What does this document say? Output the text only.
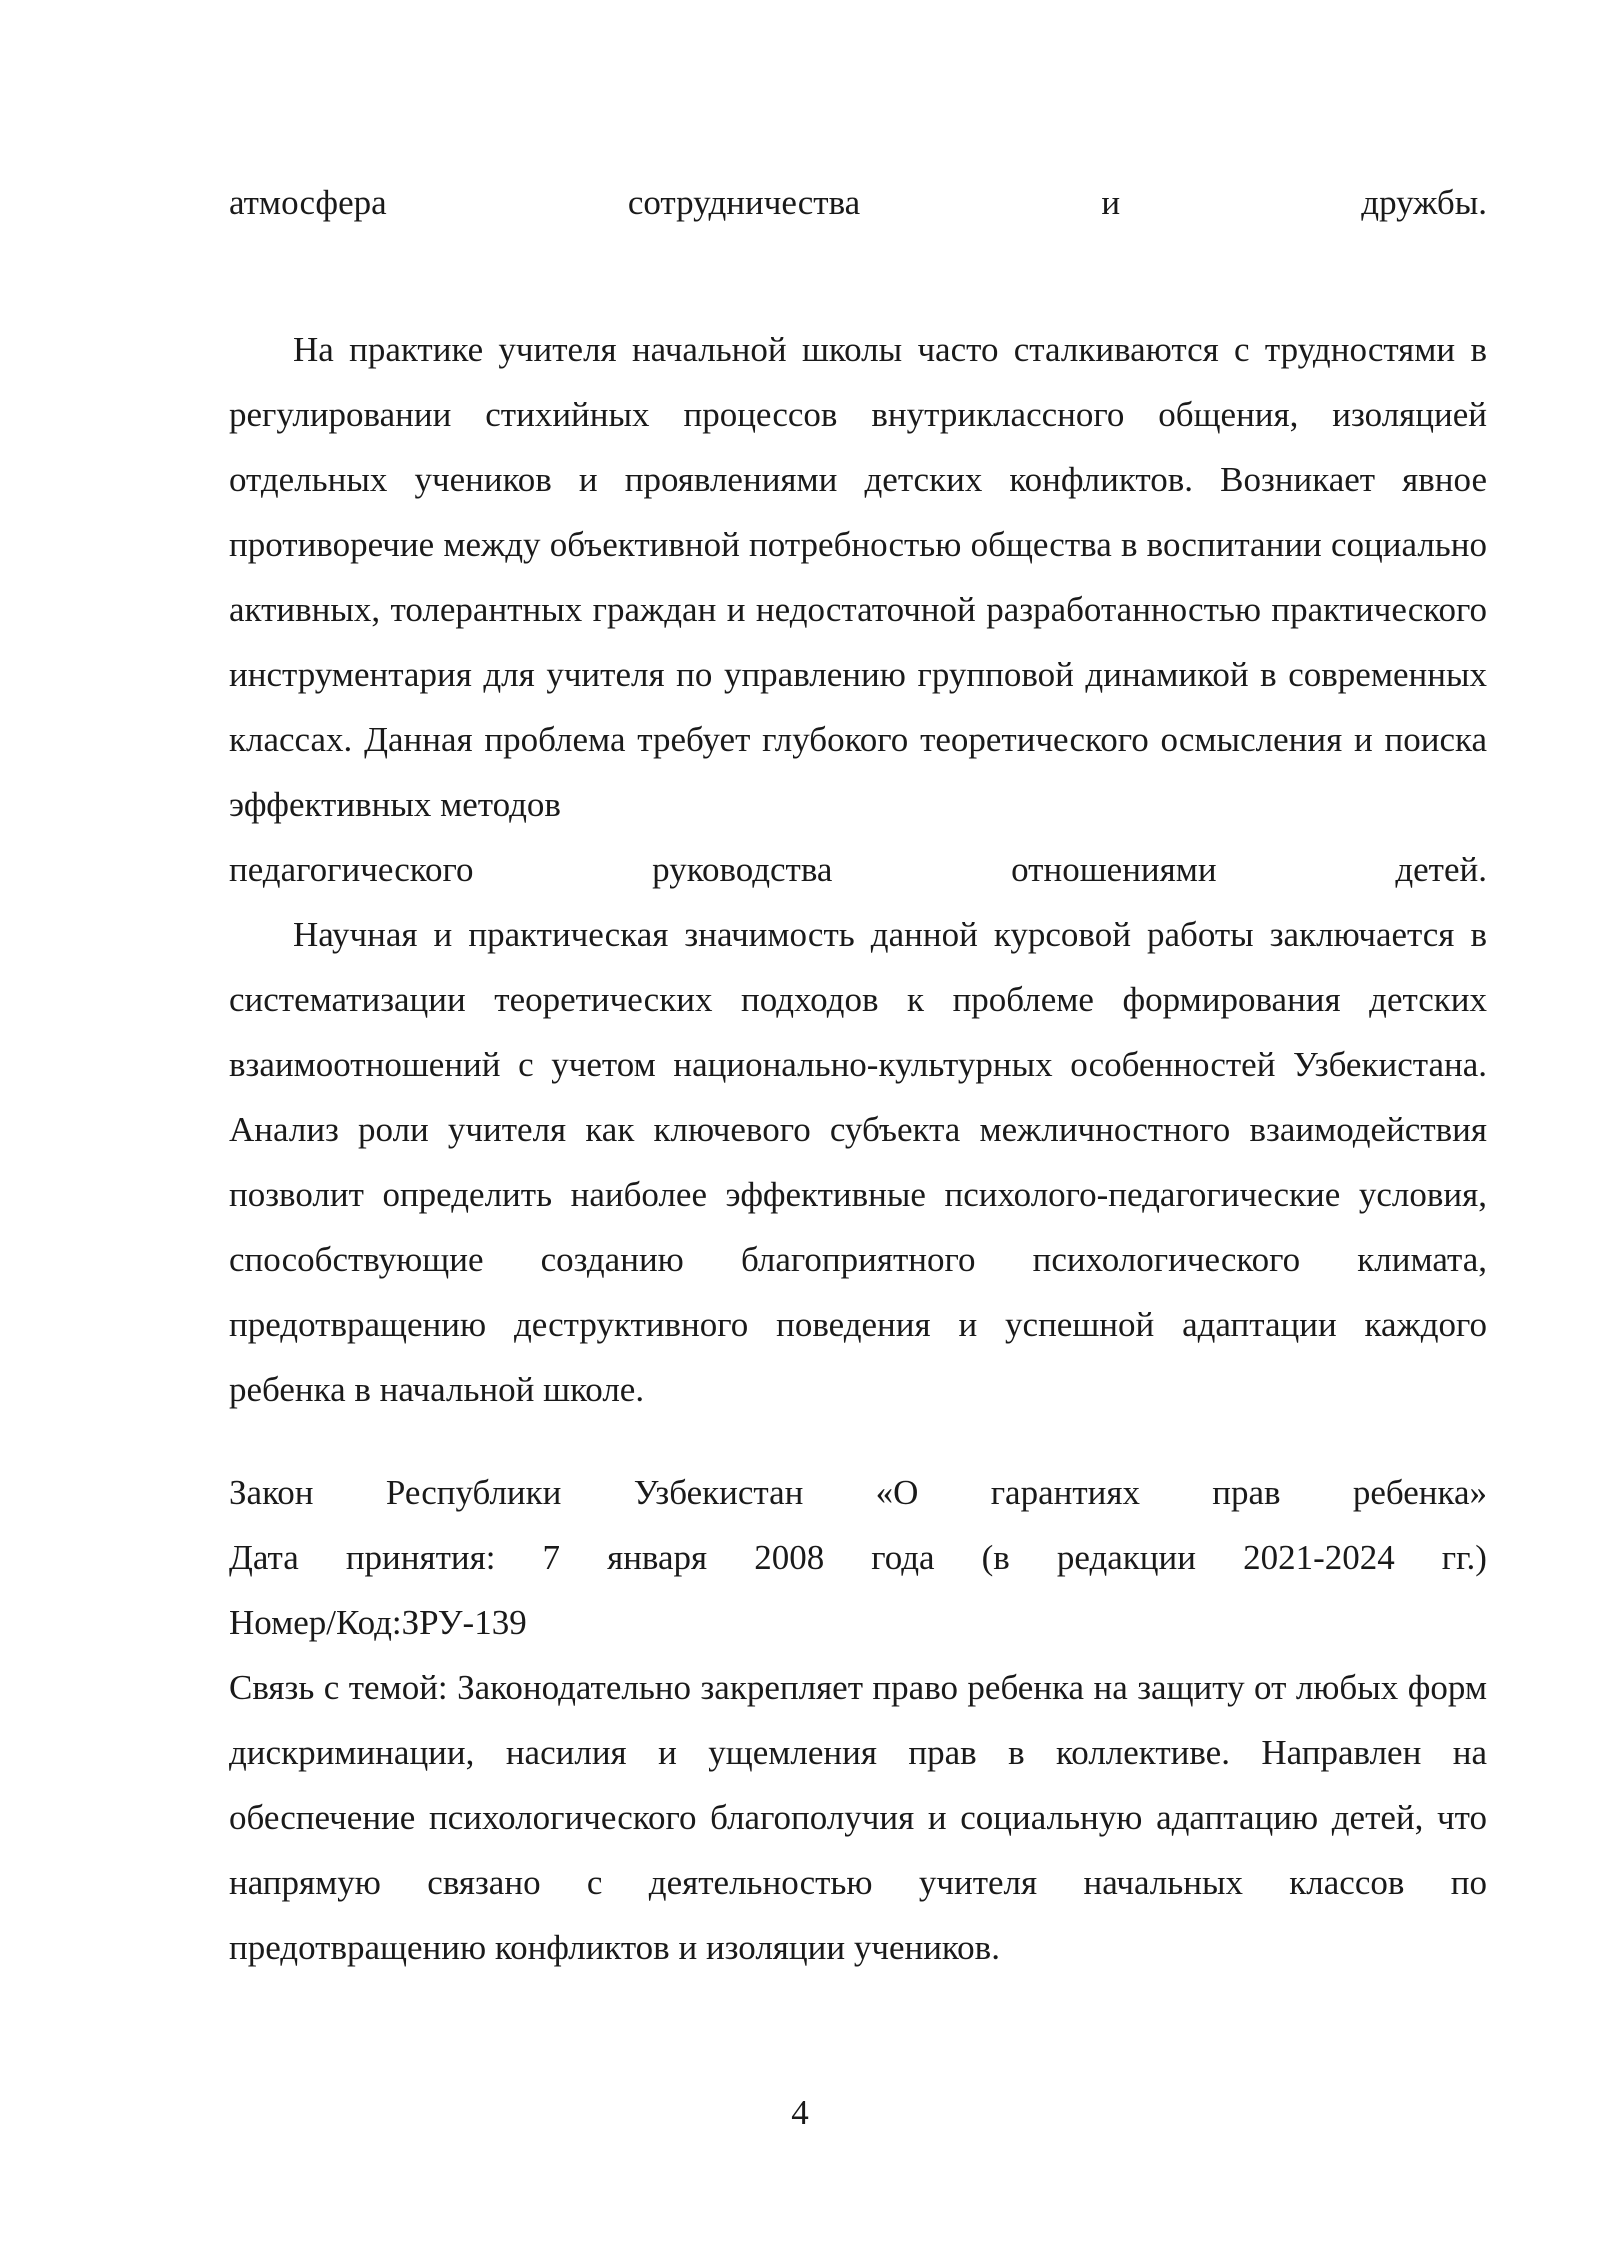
атмосфера	сотрудничества	и	дружбы.

На практике учителя начальной школы часто сталкиваются с трудностями в регулировании стихийных процессов внутриклассного общения, изоляцией отдельных учеников и проявлениями детских конфликтов. Возникает явное противоречие между объективной потребностью общества в воспитании социально активных, толерантных граждан и недостаточной разработанностью практического инструментария для учителя по управлению групповой динамикой в современных классах. Данная проблема требует глубокого теоретического осмысления и поиска эффективных методов

педагогического	руководства	отношениями	детей.

Научная и практическая значимость данной курсовой работы заключается в систематизации теоретических подходов к проблеме формирования детских взаимоотношений с учетом национально-культурных особенностей Узбекистана. Анализ роли учителя как ключевого субъекта межличностного взаимодействия позволит определить наиболее эффективные психолого-педагогические условия, способствующие созданию благоприятного психологического климата, предотвращению деструктивного поведения и успешной адаптации каждого ребенка в начальной школе.

Закон Республики Узбекистан «О гарантиях прав ребенка»
Дата принятия: 7 января 2008 года (в редакции 2021-2024 гг.)

Номер/Код:ЗРУ-139

Связь с темой: Законодательно закрепляет право ребенка на защиту от любых форм дискриминации, насилия и ущемления прав в коллективе. Направлен на обеспечение психологического благополучия и социальную адаптацию детей, что напрямую связано с деятельностью учителя начальных классов по предотвращению конфликтов и изоляции учеников.

4
